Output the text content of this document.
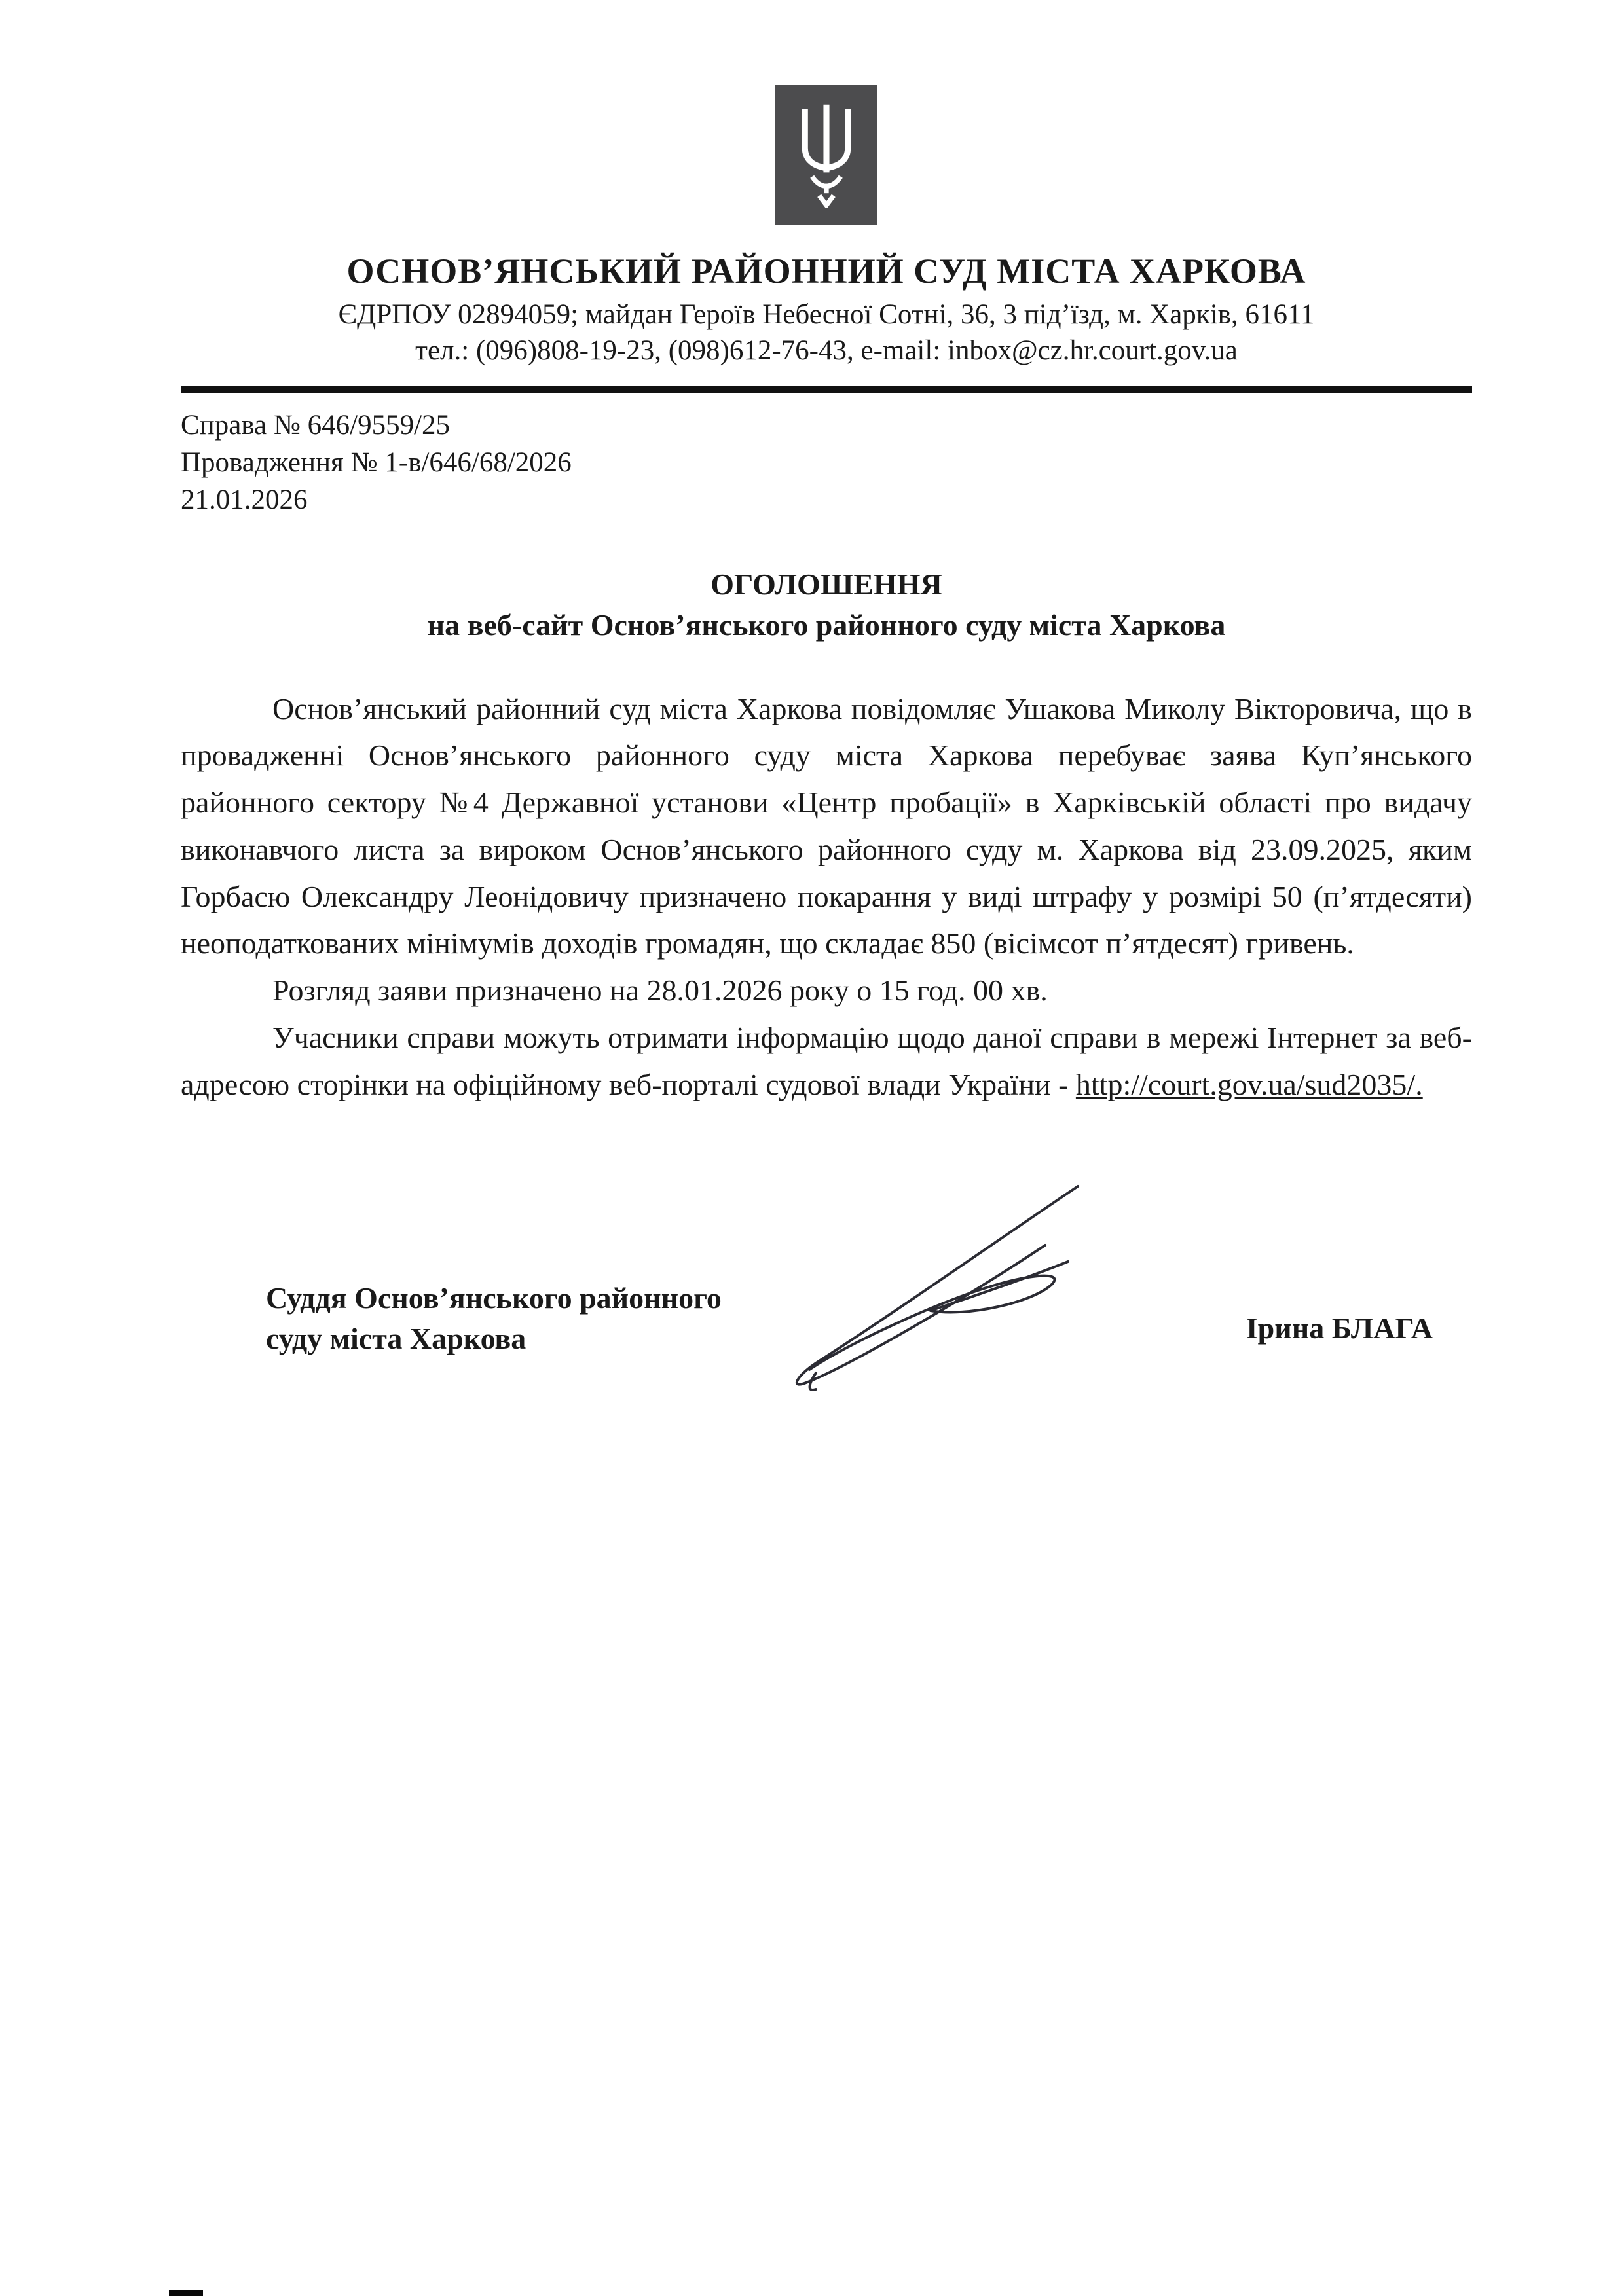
ОСНОВ’ЯНСЬКИЙ РАЙОННИЙ СУД МІСТА ХАРКОВА
ЄДРПОУ 02894059; майдан Героїв Небесної Сотні, 36, 3 під’їзд, м. Харків, 61611
тел.: (096)808-19-23, (098)612-76-43, e-mail: inbox@cz.hr.court.gov.ua
Справа № 646/9559/25
Провадження № 1-в/646/68/2026
21.01.2026
ОГОЛОШЕННЯ
на веб-сайт Основ’янського районного суду міста Харкова

Основ’янський районний суд міста Харкова повідомляє Ушакова Миколу Вікторовича, що в провадженні Основ’янського районного суду міста Харкова перебуває заява Куп’янського районного сектору №4 Державної установи «Центр пробації» в Харківській області про видачу виконавчого листа за вироком Основ’янського районного суду м. Харкова від 23.09.2025, яким Горбасю Олександру Леонідовичу призначено покарання у виді штрафу у розмірі 50 (п’ятдесяти) неоподаткованих мінімумів доходів громадян, що складає 850 (вісімсот п’ятдесят) гривень.

Розгляд заяви призначено на 28.01.2026 року о 15 год. 00 хв.

Учасники справи можуть отримати інформацію щодо даної справи в мережі Інтернет за веб-адресою сторінки на офіційному веб-порталі судової влади України - http://court.gov.ua/sud2035/.

Суддя Основ’янського районного суду міста Харкова	Ірина БЛАГА
